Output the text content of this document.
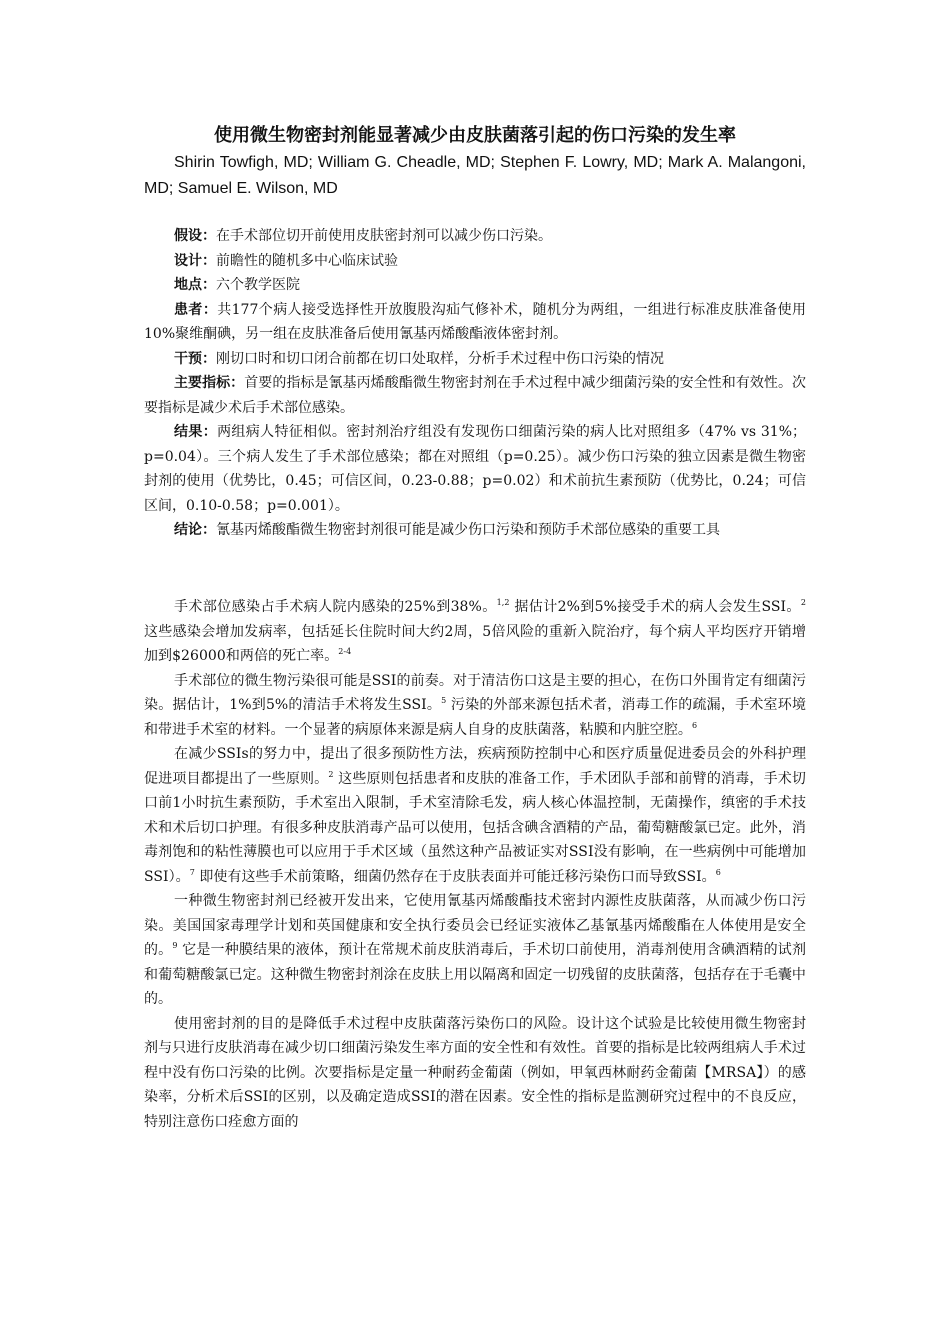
使用微生物密封剂能显著减少由皮肤菌落引起的伤口污染的发生率
Shirin Towfigh, MD; William G. Cheadle, MD; Stephen F. Lowry, MD; Mark A. Malangoni, MD; Samuel E. Wilson, MD

假设：在手术部位切开前使用皮肤密封剂可以减少伤口污染。

设计：前瞻性的随机多中心临床试验

地点：六个教学医院

患者：共177个病人接受选择性开放腹股沟疝气修补术，随机分为两组，一组进行标准皮肤准备使用10%聚维酮碘，另一组在皮肤准备后使用氰基丙烯酸酯液体密封剂。

干预：刚切口时和切口闭合前都在切口处取样，分析手术过程中伤口污染的情况

主要指标：首要的指标是氰基丙烯酸酯微生物密封剂在手术过程中减少细菌污染的安全性和有效性。次要指标是减少术后手术部位感染。

结果：两组病人特征相似。密封剂治疗组没有发现伤口细菌污染的病人比对照组多（47% vs 31%；p=0.04）。三个病人发生了手术部位感染；都在对照组（p=0.25）。减少伤口污染的独立因素是微生物密封剂的使用（优势比，0.45；可信区间，0.23-0.88；p=0.02）和术前抗生素预防（优势比，0.24；可信区间，0.10-0.58；p=0.001）。

结论：氰基丙烯酸酯微生物密封剂很可能是减少伤口污染和预防手术部位感染的重要工具

手术部位感染占手术病人院内感染的25%到38%。$^{1,2}$ 据估计2%到5%接受手术的病人会发生SSI。$^2$ 这些感染会增加发病率，包括延长住院时间大约2周，5倍风险的重新入院治疗，每个病人平均医疗开销增加到$26000和两倍的死亡率。$^{2-4}$

手术部位的微生物污染很可能是SSI的前奏。对于清洁伤口这是主要的担心，在伤口外围肯定有细菌污染。据估计，1%到5%的清洁手术将发生SSI。$^5$ 污染的外部来源包括术者，消毒工作的疏漏，手术室环境和带进手术室的材料。一个显著的病原体来源是病人自身的皮肤菌落，粘膜和内脏空腔。$^6$

在减少SSIs的努力中，提出了很多预防性方法，疾病预防控制中心和医疗质量促进委员会的外科护理促进项目都提出了一些原则。$^2$ 这些原则包括患者和皮肤的准备工作，手术团队手部和前臂的消毒，手术切口前1小时抗生素预防，手术室出入限制，手术室清除毛发，病人核心体温控制，无菌操作，缜密的手术技术和术后切口护理。有很多种皮肤消毒产品可以使用，包括含碘含酒精的产品，葡萄糖酸氯已定。此外，消毒剂饱和的粘性薄膜也可以应用于手术区域（虽然这种产品被证实对SSI没有影响，在一些病例中可能增加SSI）。$^7$ 即使有这些手术前策略，细菌仍然存在于皮肤表面并可能迁移污染伤口而导致SSI。$^6$

一种微生物密封剂已经被开发出来，它使用氰基丙烯酸酯技术密封内源性皮肤菌落，从而减少伤口污染。美国国家毒理学计划和英国健康和安全执行委员会已经证实液体乙基氰基丙烯酸酯在人体使用是安全的。$^9$ 它是一种膜结果的液体，预计在常规术前皮肤消毒后，手术切口前使用，消毒剂使用含碘酒精的试剂和葡萄糖酸氯已定。这种微生物密封剂涂在皮肤上用以隔离和固定一切残留的皮肤菌落，包括存在于毛囊中的。

使用密封剂的目的是降低手术过程中皮肤菌落污染伤口的风险。设计这个试验是比较使用微生物密封剂与只进行皮肤消毒在减少切口细菌污染发生率方面的安全性和有效性。首要的指标是比较两组病人手术过程中没有伤口污染的比例。次要指标是定量一种耐药金葡菌（例如，甲氧西林耐药金葡菌【MRSA】）的感染率，分析术后SSI的区别，以及确定造成SSI的潜在因素。安全性的指标是监测研究过程中的不良反应，特别注意伤口痊愈方面的
